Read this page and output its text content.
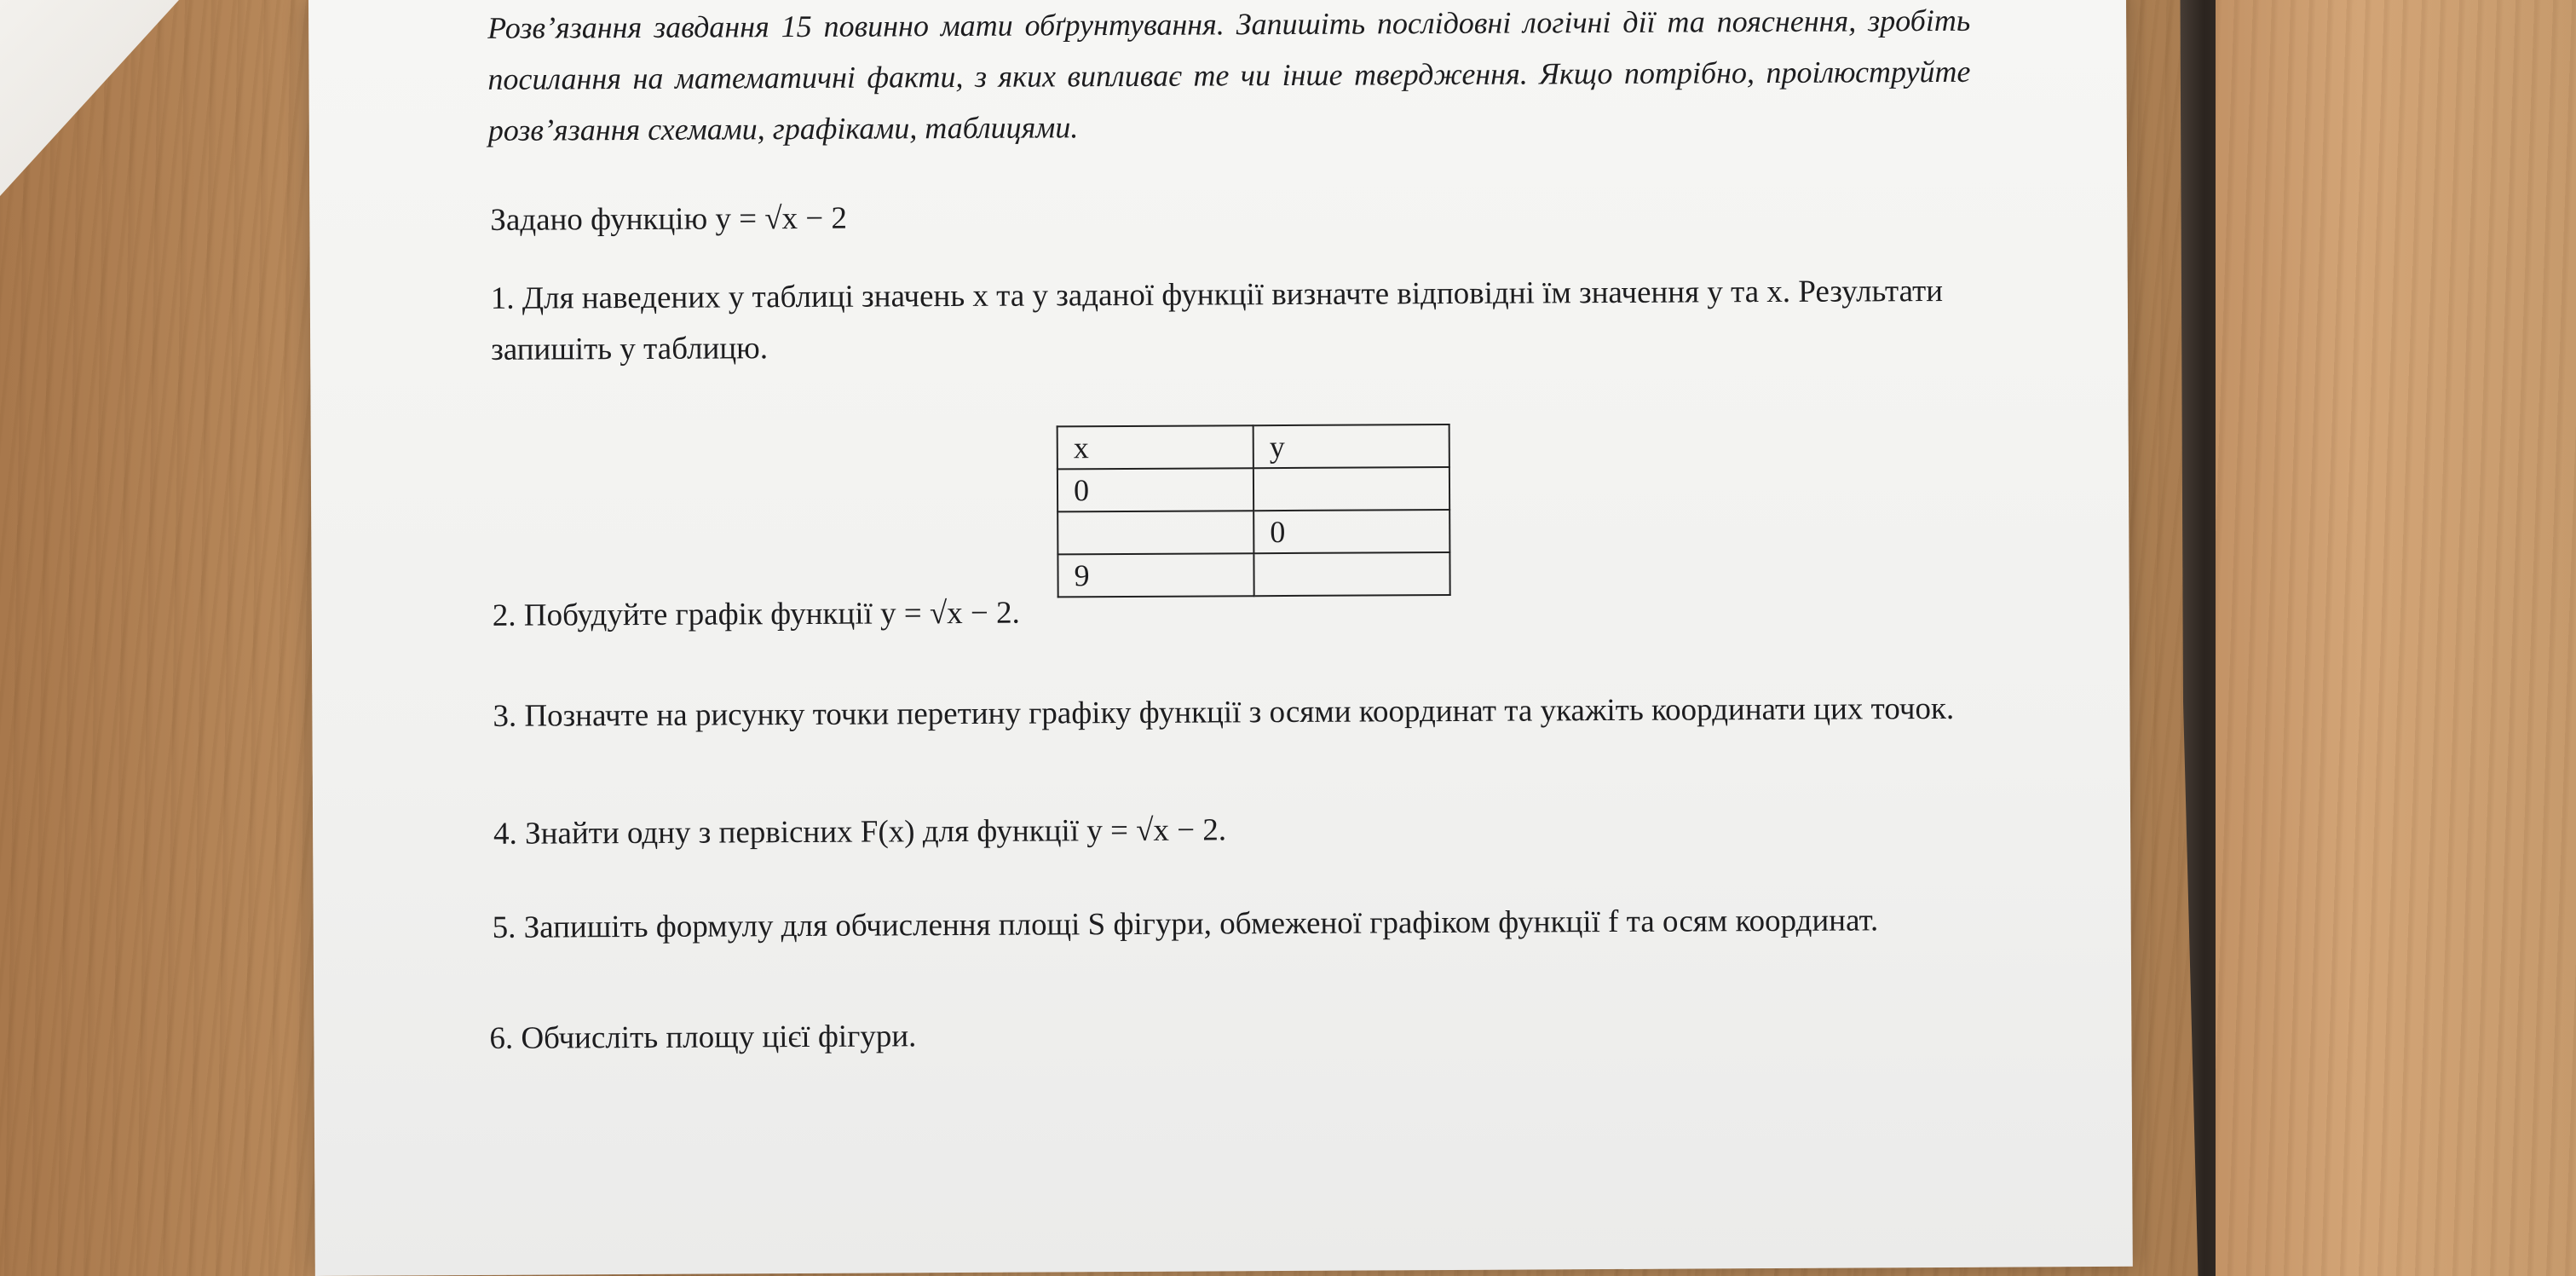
Розв’язання завдання 15 повинно мати обґрунтування. Запишіть послідовні логічні дії та пояснення, зробіть посилання на математичні факти, з яких випливає те чи інше твердження. Якщо потрібно, проілюструйте розв’язання схемами, графіками, таблицями.
Задано функцію y = √x − 2
1. Для наведених у таблиці значень x та y заданої функції визначте відповідні їм значення y та x. Результати запишіть у таблицю.
x	y
0	
	0
9	
2. Побудуйте графік функції y = √x − 2.
3. Позначте на рисунку точки перетину графіку функції з осями координат та укажіть координати цих точок.
4. Знайти одну з первісних F(x) для функції y = √x − 2.
5. Запишіть формулу для обчислення площі S фігури, обмеженої графіком функції f та осям координат.
6. Обчисліть площу цієї фігури.
